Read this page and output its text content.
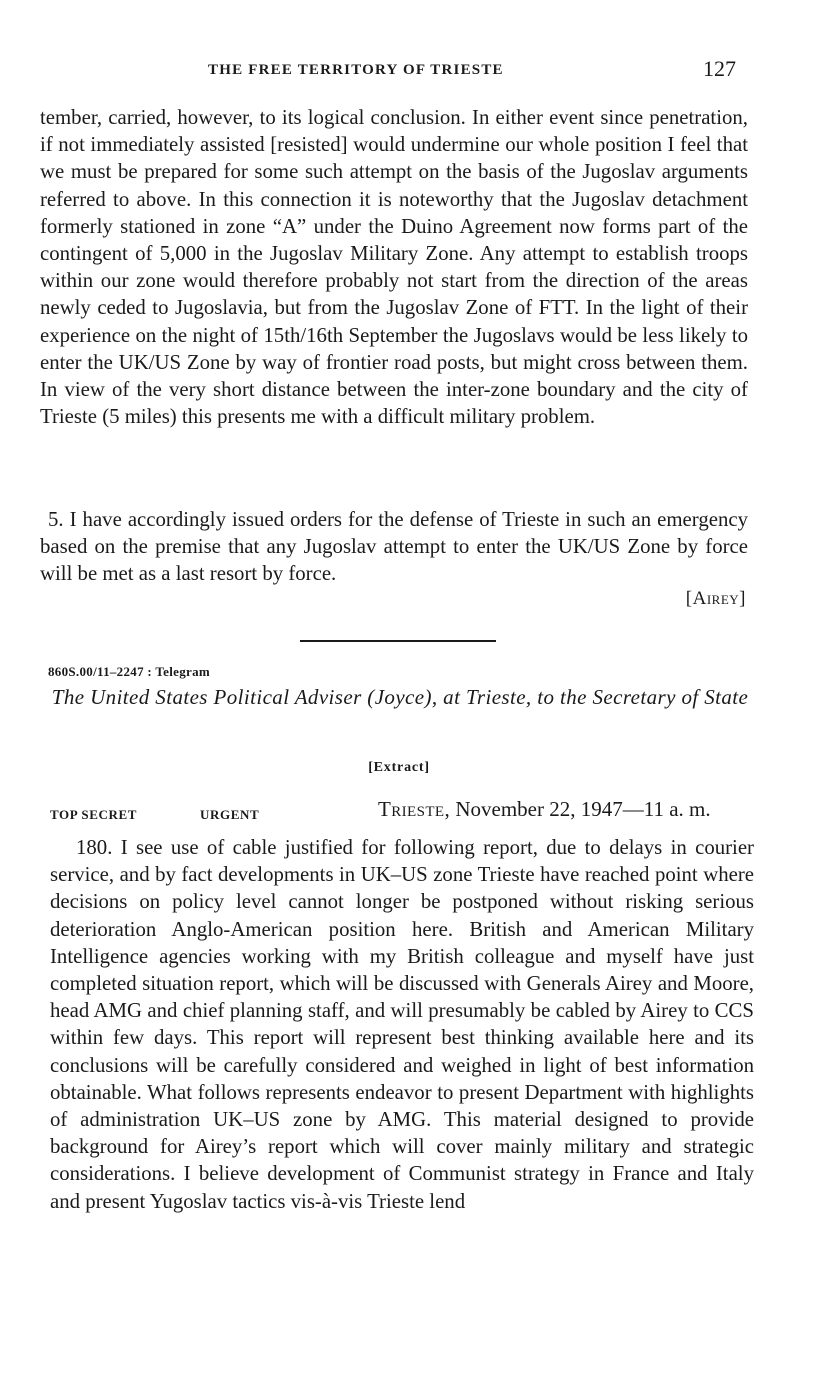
THE FREE TERRITORY OF TRIESTE	127

tember, carried, however, to its logical conclusion. In either event since penetration, if not immediately assisted [resisted] would undermine our whole position I feel that we must be prepared for some such attempt on the basis of the Jugoslav arguments referred to above. In this connection it is noteworthy that the Jugoslav detachment formerly stationed in zone “A” under the Duino Agreement now forms part of the contingent of 5,000 in the Jugoslav Military Zone. Any attempt to establish troops within our zone would therefore probably not start from the direction of the areas newly ceded to Jugoslavia, but from the Jugoslav Zone of FTT. In the light of their experience on the night of 15th/16th September the Jugoslavs would be less likely to enter the UK/US Zone by way of frontier road posts, but might cross between them. In view of the very short distance between the inter-zone boundary and the city of Trieste (5 miles) this presents me with a difficult military problem.

5. I have accordingly issued orders for the defense of Trieste in such an emergency based on the premise that any Jugoslav attempt to enter the UK/US Zone by force will be met as a last resort by force.

[Airey]
860S.00/11–2247 : Telegram
The United States Political Adviser (Joyce), at Trieste, to the Secretary of State
[Extract]
TOP SECRET	URGENT	Trieste, November 22, 1947—11 a. m.

180. I see use of cable justified for following report, due to delays in courier service, and by fact developments in UK–US zone Trieste have reached point where decisions on policy level cannot longer be postponed without risking serious deterioration Anglo-American position here. British and American Military Intelligence agencies working with my British colleague and myself have just completed situation report, which will be discussed with Generals Airey and Moore, head AMG and chief planning staff, and will presumably be cabled by Airey to CCS within few days. This report will represent best thinking available here and its conclusions will be carefully considered and weighed in light of best information obtainable. What follows represents endeavor to present Department with highlights of administration UK–US zone by AMG. This material designed to provide background for Airey’s report which will cover mainly military and strategic considerations. I believe development of Communist strategy in France and Italy and present Yugoslav tactics vis-à-vis Trieste lend
